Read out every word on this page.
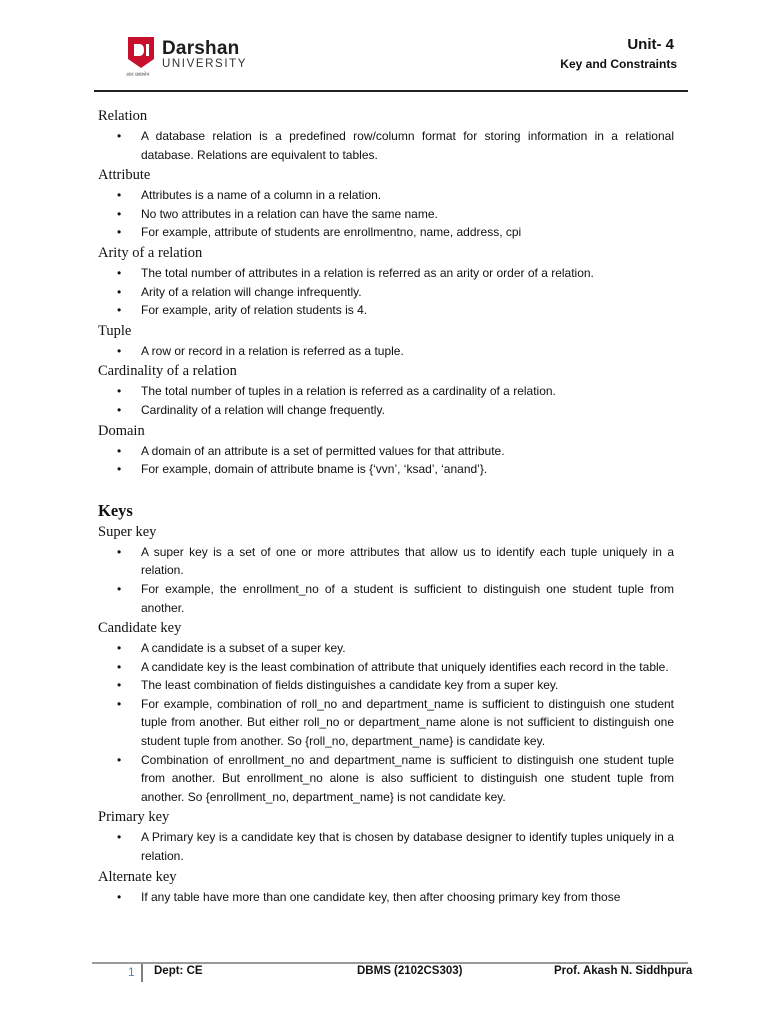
Darshan
UNIVERSITY
अंतः प्रकाशेन
Unit- 4
Key and Constraints
Relation
• A database relation is a predefined row/column format for storing information in a relational database. Relations are equivalent to tables.
Attribute
• Attributes is a name of a column in a relation.
• No two attributes in a relation can have the same name.
• For example, attribute of students are enrollmentno, name, address, cpi
Arity of a relation
• The total number of attributes in a relation is referred as an arity or order of a relation.
• Arity of a relation will change infrequently.
• For example, arity of relation students is 4.
Tuple
• A row or record in a relation is referred as a tuple.
Cardinality of a relation
• The total number of tuples in a relation is referred as a cardinality of a relation.
• Cardinality of a relation will change frequently.
Domain
• A domain of an attribute is a set of permitted values for that attribute.
• For example, domain of attribute bname is {‘vvn’, ‘ksad’, ‘anand’}.
Keys
Super key
• A super key is a set of one or more attributes that allow us to identify each tuple uniquely in a relation.
• For example, the enrollment_no of a student is sufficient to distinguish one student tuple from another.
Candidate key
• A candidate is a subset of a super key.
• A candidate key is the least combination of attribute that uniquely identifies each record in the table.
• The least combination of fields distinguishes a candidate key from a super key.
• For example, combination of roll_no and department_name is sufficient to distinguish one student tuple from another. But either roll_no or department_name alone is not sufficient to distinguish one student tuple from another. So {roll_no, department_name} is candidate key.
• Combination of enrollment_no and department_name is sufficient to distinguish one student tuple from another. But enrollment_no alone is also sufficient to distinguish one student tuple from another. So {enrollment_no, department_name} is not candidate key.
Primary key
• A Primary key is a candidate key that is chosen by database designer to identify tuples uniquely in a relation.
Alternate key
• If any table have more than one candidate key, then after choosing primary key from those
1 Dept: CE	DBMS (2102CS303)	Prof. Akash N. Siddhpura
